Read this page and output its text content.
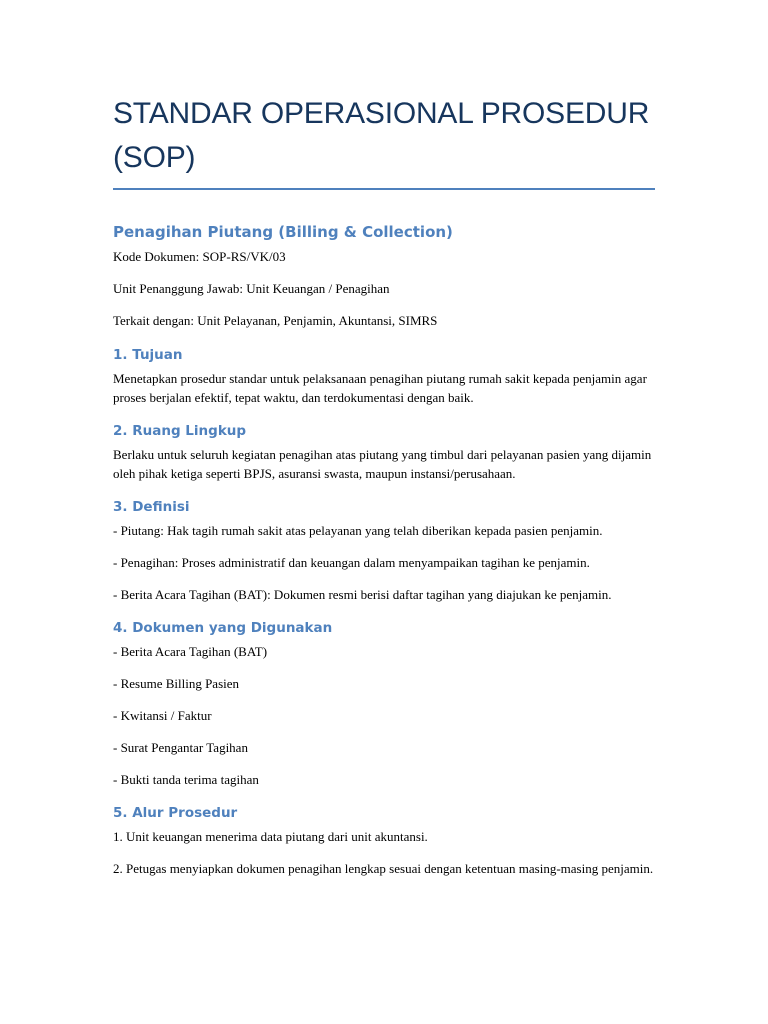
STANDAR OPERASIONAL PROSEDUR (SOP)
Penagihan Piutang (Billing & Collection)

Kode Dokumen: SOP-RS/VK/03

Unit Penanggung Jawab: Unit Keuangan / Penagihan

Terkait dengan: Unit Pelayanan, Penjamin, Akuntansi, SIMRS

1. Tujuan

Menetapkan prosedur standar untuk pelaksanaan penagihan piutang rumah sakit kepada penjamin agar proses berjalan efektif, tepat waktu, dan terdokumentasi dengan baik.

2. Ruang Lingkup

Berlaku untuk seluruh kegiatan penagihan atas piutang yang timbul dari pelayanan pasien yang dijamin oleh pihak ketiga seperti BPJS, asuransi swasta, maupun instansi/perusahaan.

3. Definisi

- Piutang: Hak tagih rumah sakit atas pelayanan yang telah diberikan kepada pasien penjamin.

- Penagihan: Proses administratif dan keuangan dalam menyampaikan tagihan ke penjamin.

- Berita Acara Tagihan (BAT): Dokumen resmi berisi daftar tagihan yang diajukan ke penjamin.

4. Dokumen yang Digunakan

- Berita Acara Tagihan (BAT)

- Resume Billing Pasien

- Kwitansi / Faktur

- Surat Pengantar Tagihan

- Bukti tanda terima tagihan

5. Alur Prosedur

1. Unit keuangan menerima data piutang dari unit akuntansi.

2. Petugas menyiapkan dokumen penagihan lengkap sesuai dengan ketentuan masing-masing penjamin.
